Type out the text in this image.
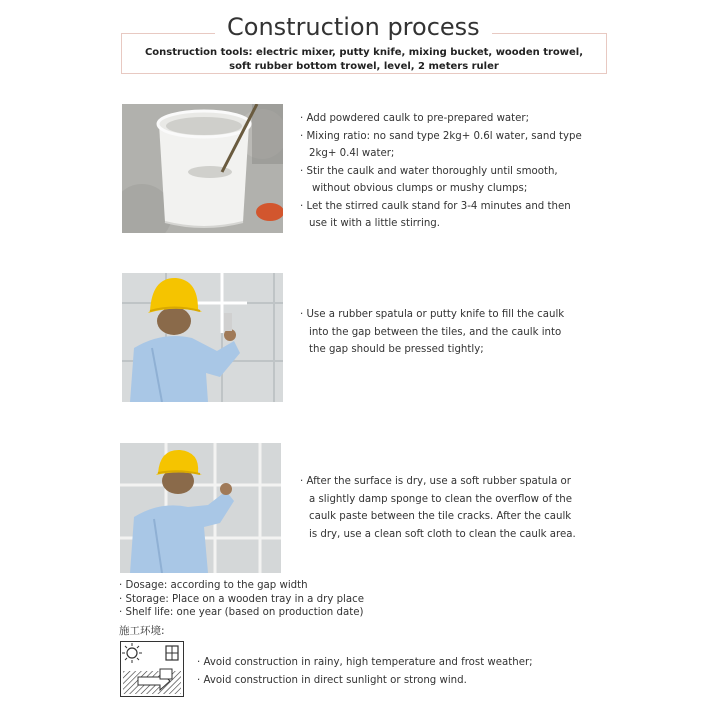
Construction process
Construction tools: electric mixer, putty knife, mixing bucket, wooden trowel,
soft rubber bottom trowel, level, 2 meters ruler
· Add powdered caulk to pre-prepared water;
· Mixing ratio: no sand type 2kg+ 0.6l water, sand type
2kg+ 0.4l water;
· Stir the caulk and water thoroughly until smooth,
without obvious clumps or mushy clumps;
· Let the stirred caulk stand for 3-4 minutes and then
use it with a little stirring.
· Use a rubber spatula or putty knife to fill the caulk
into the gap between the tiles, and the caulk into
the gap should be pressed tightly;
· After the surface is dry, use a soft rubber spatula or
a slightly damp sponge to clean the overflow of the
caulk paste between the tile cracks. After the caulk
is dry, use a clean soft cloth to clean the caulk area.
· Dosage: according to the gap width
· Storage: Place on a wooden tray in a dry place
· Shelf life: one year (based on production date)
施工环境:
· Avoid construction in rainy, high temperature and frost weather;
· Avoid construction in direct sunlight or strong wind.
